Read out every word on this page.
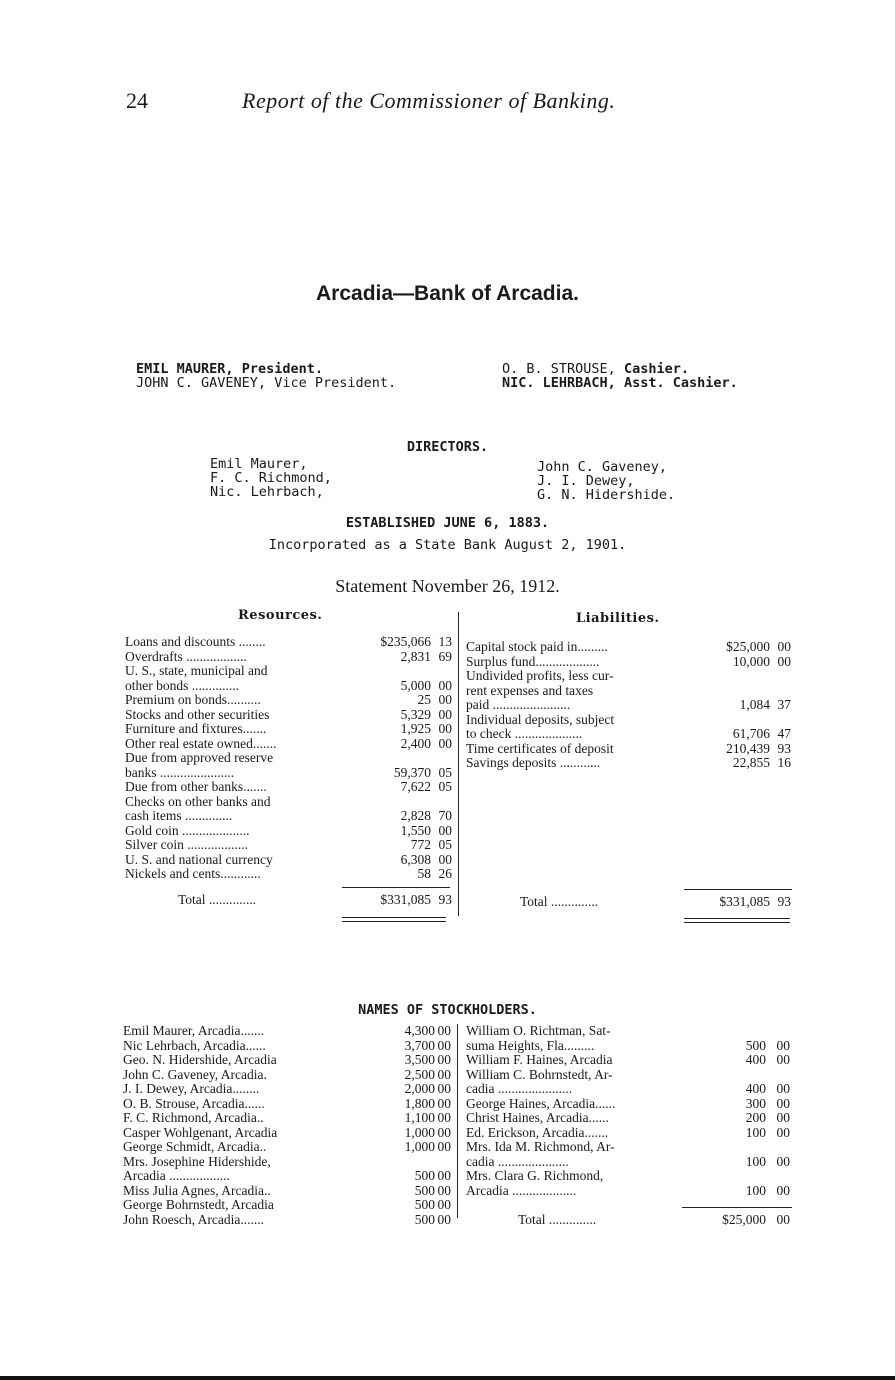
24	Report of the Commissioner of Banking.
Arcadia—Bank of Arcadia.
EMIL MAURER, President.
JOHN C. GAVENEY, Vice President.
O. B. STROUSE, Cashier.
NIC. LEHRBACH, Asst. Cashier.
DIRECTORS.
Emil Maurer,
F. C. Richmond,
Nic. Lehrbach,
John C. Gaveney,
J. I. Dewey,
G. N. Hidershide.
ESTABLISHED JUNE 6, 1883.
Incorporated as a State Bank August 2, 1901.
Statement November 26, 1912.
Resources.	Liabilities.
Loans and discounts ........	$235,066 13
Overdrafts ..................	2,831 69
U. S., state, municipal and
other bonds ..............	5,000 00
Premium on bonds..........	25 00
Stocks and other securities	5,329 00
Furniture and fixtures.......	1,925 00
Other real estate owned.......	2,400 00
Due from approved reserve
banks ......................	59,370 05
Due from other banks.......	7,622 05
Checks on other banks and
cash items ..............	2,828 70
Gold coin ....................	1,550 00
Silver coin ..................	772 05
U. S. and national currency	6,308 00
Nickels and cents............	58 26
Total ..............	$331,085 93
Capital stock paid in.........	$25,000 00
Surplus fund...................	10,000 00
Undivided profits, less cur-
rent expenses and taxes
paid .......................	1,084 37
Individual deposits, subject
to check ....................	61,706 47
Time certificates of deposit	210,439 93
Savings deposits ............	22,855 16
Total ..............	$331,085 93
NAMES OF STOCKHOLDERS.
Emil Maurer, Arcadia.......	4,300 00
Nic Lehrbach, Arcadia......	3,700 00
Geo. N. Hidershide, Arcadia	3,500 00
John C. Gaveney, Arcadia.	2,500 00
J. I. Dewey, Arcadia........	2,000 00
O. B. Strouse, Arcadia......	1,800 00
F. C. Richmond, Arcadia..	1,100 00
Casper Wohlgenant, Arcadia	1,000 00
George Schmidt, Arcadia..	1,000 00
Mrs. Josephine Hidershide,
Arcadia ..................	500 00
Miss Julia Agnes, Arcadia..	500 00
George Bohrnstedt, Arcadia	500 00
John Roesch, Arcadia.......	500 00
William O. Richtman, Sat-
suma Heights, Fla.........	500 00
William F. Haines, Arcadia	400 00
William C. Bohrnstedt, Ar-
cadia ......................	400 00
George Haines, Arcadia......	300 00
Christ Haines, Arcadia......	200 00
Ed. Erickson, Arcadia.......	100 00
Mrs. Ida M. Richmond, Ar-
cadia .....................	100 00
Mrs. Clara G. Richmond,
Arcadia ...................	100 00
Total ..............	$25,000 00
